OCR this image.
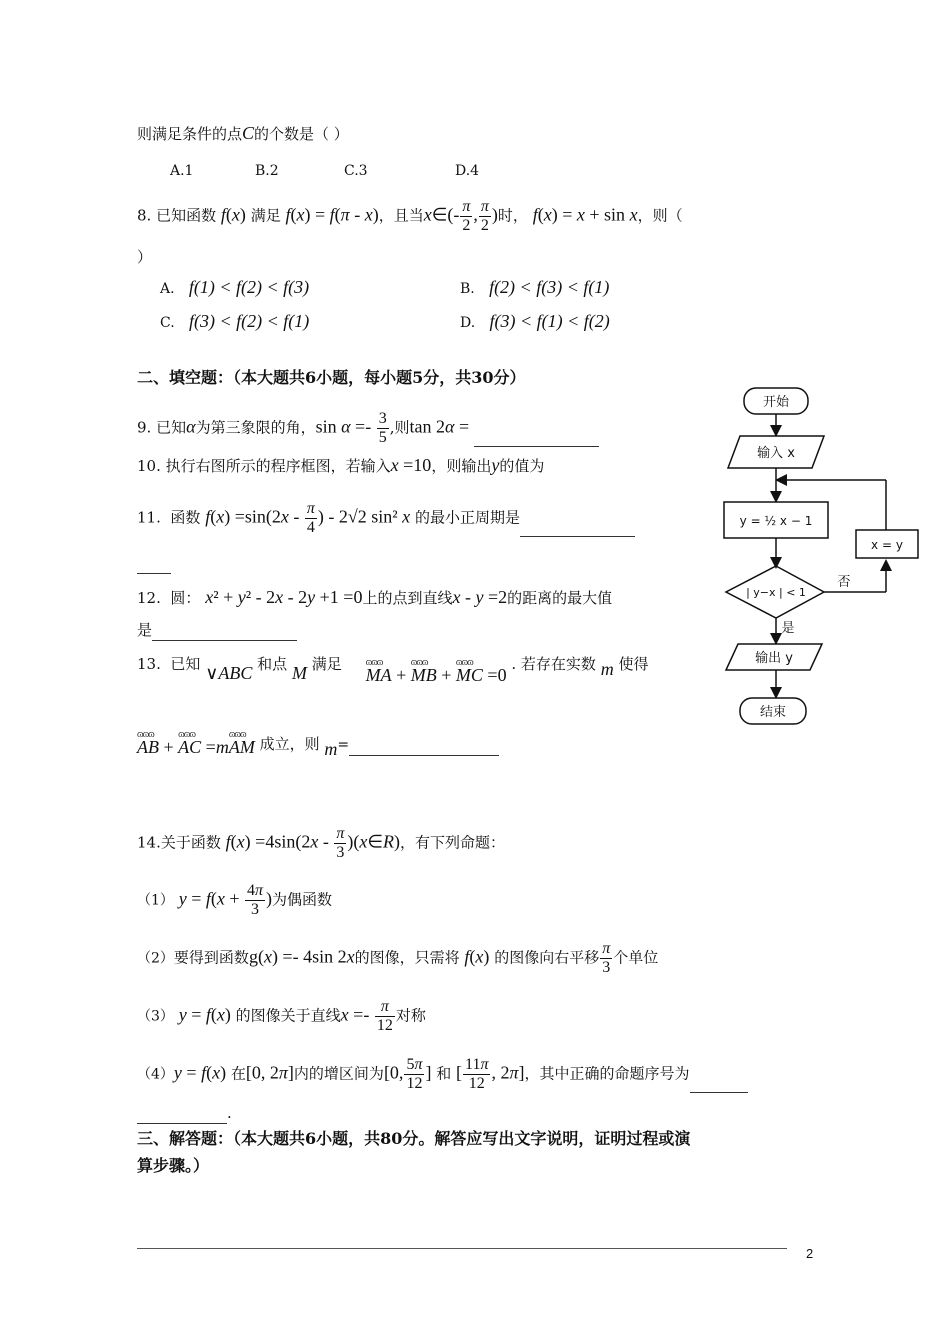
则满足条件的点C的个数是（ ）
A.1	B.2	C.3	D.4
8. 已知函数 f(x) 满足 f(x) = f(π - x)，且当x∈(- $\frac{\pi}{2}$ , $\frac{\pi}{2}$ )时， f(x) = x + sin x，则（
）
A. f(1) < f(2) < f(3)	B. f(2) < f(3) < f(1)
C. f(3) < f(2) < f(1)	D. f(3) < f(1) < f(2)
二、填空题：（本大题共6小题，每小题5分，共30分）
9. 已知α为第三象限的角，$\sin \alpha =- \frac{3}{5}$ ,则tan 2α =
10. 执行右图所示的程序框图，若输入x =10，则输出y的值为
11. 函数 $f(x) =\sin(2x - \frac{\pi}{4}$ ) - 2√2 sin² x 的最小正周期是
12. 圆： x² + y² - 2x - 2y +1 =0上的点到直线x - y =2的距离的最大值
是
13. 已知 ∨ABC 和点 M 满足     ɷɷɷ MA + ɷɷɷ MB + ɷɷɷ MC =0 . 若存在实数 m 使得
ɷɷɷ AB + ɷɷɷ AC =mɷɷɷ AM 成立，则 m=
14.关于函数 $f(x) =4\sin(2x - \frac{\pi}{3}$ )(x∈R)，有下列命题：
（1） $y = f(x + \frac{4\pi}{3}$ )为偶函数
（2）要得到函数g(x) =- 4sin 2x的图像，只需将 f(x) 的图像向右平移 $\frac{\pi}{3}$ 个单位
（3） y = f(x) 的图像关于直线$x =- \frac{\pi}{12}$ 对称
（4）y = f(x) 在[0, 2π]内的增区间为[0, $\frac{5\pi}{12}$ ] 和 [ $\frac{11\pi}{12}$ , 2π]，其中正确的命题序号为
.
三、解答题：（本大题共6小题，共80分。解答应写出文字说明，证明过程或演
算步骤。）
开始
输入 x
y = ½ x − 1
| y−x | < 1
否
是
输出 y
结束
x = y
2
